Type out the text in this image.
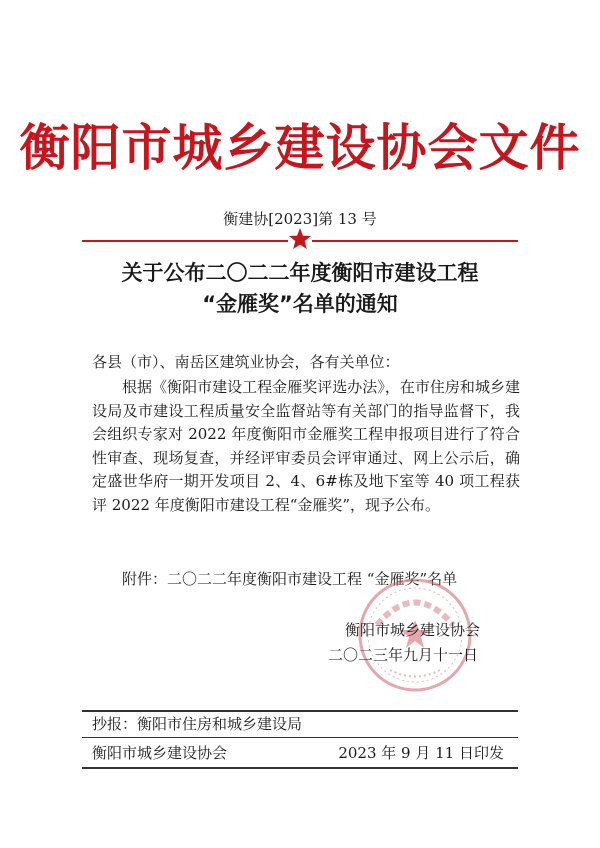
衡阳市城乡建设协会文件
衡建协[2023]第 13 号
关于公布二〇二二年度衡阳市建设工程
“金雁奖”名单的通知
各县（市）、南岳区建筑业协会，各有关单位：
根据《衡阳市建设工程金雁奖评选办法》，在市住房和城乡建设局及市建设工程质量安全监督站等有关部门的指导监督下，我会组织专家对 2022 年度衡阳市金雁奖工程申报项目进行了符合性审查、现场复查，并经评审委员会评审通过、网上公示后，确定盛世华府一期开发项目 2、4、6#栋及地下室等 40 项工程获评 2022 年度衡阳市建设工程“金雁奖”，现予公布。
附件：二〇二二年度衡阳市建设工程 “金雁奖”名单
衡阳市城乡建设协会
二〇二三年九月十一日
抄报：衡阳市住房和城乡建设局
衡阳市城乡建设协会	2023 年 9 月 11 日印发
